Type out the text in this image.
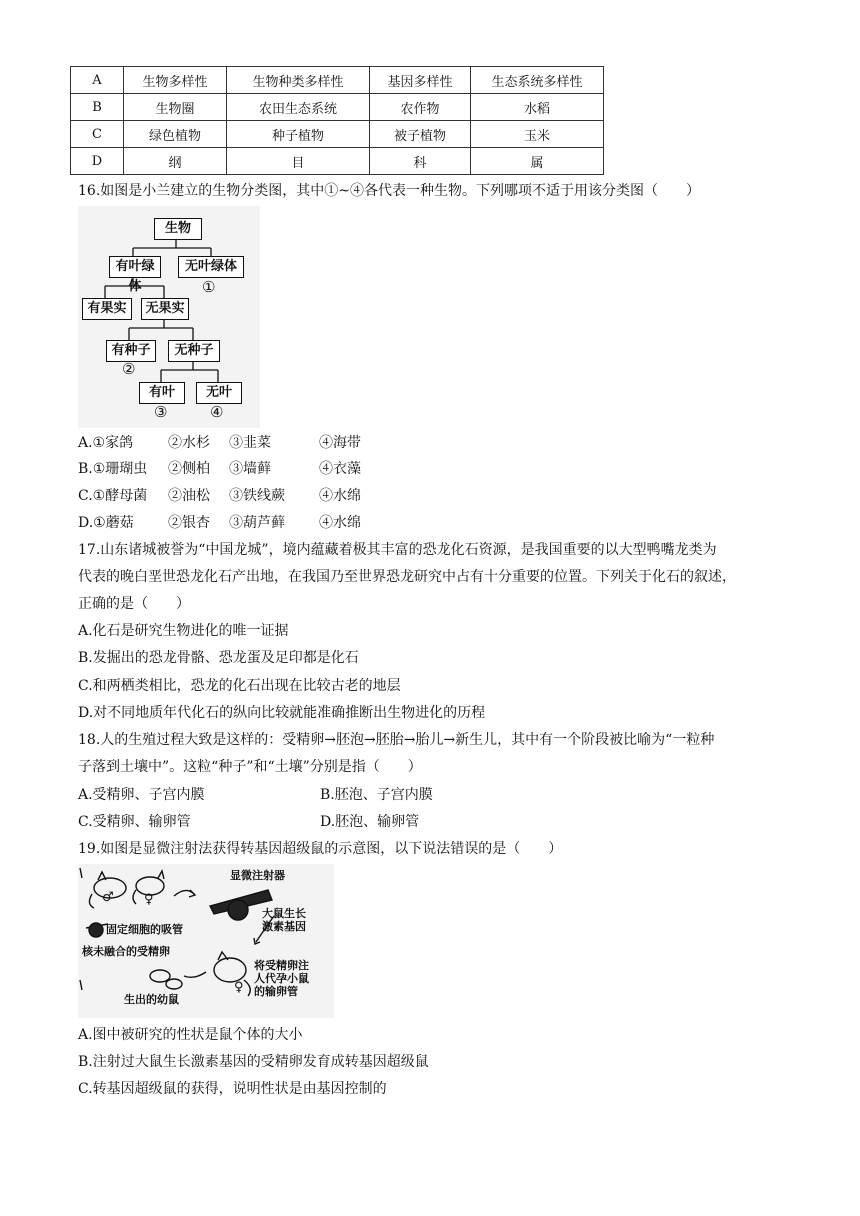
A	生物多样性	生物种类多样性	基因多样性	生态系统多样性
B	生物圈	农田生态系统	农作物	水稻
C	绿色植物	种子植物	被子植物	玉米
D	纲	目	科	属
16.如图是小兰建立的生物分类图，其中①~④各代表一种生物。下列哪项不适于用该分类图（　　）
生物
有叶绿体
无叶绿体
①
有果实	无果实
有种子
②
无种子
有叶	无叶
③	④
A.①家鸽 ②水杉 ③韭菜	④海带
B.①珊瑚虫 ②侧柏 ③墙藓	④衣藻
C.①酵母菌 ②油松 ③铁线蕨 ④水绵
D.①蘑菇 ②银杏 ③葫芦藓 ④水绵
17.山东诸城被誉为“中国龙城”，境内蕴藏着极其丰富的恐龙化石资源，是我国重要的以大型鸭嘴龙类为
代表的晚白垩世恐龙化石产出地，在我国乃至世界恐龙研究中占有十分重要的位置。下列关于化石的叙述，
正确的是（　　）
A.化石是研究生物进化的唯一证据
B.发掘出的恐龙骨骼、恐龙蛋及足印都是化石
C.和两栖类相比，恐龙的化石出现在比较古老的地层
D.对不同地质年代化石的纵向比较就能准确推断出生物进化的历程
18.人的生殖过程大致是这样的：受精卵→胚泡→胚胎→胎儿→新生儿，其中有一个阶段被比喻为“一粒种
子落到土壤中”。这粒“种子”和“土壤”分别是指（　　）
A.受精卵、子宫内膜	B.胚泡、子宫内膜
C.受精卵、输卵管	D.胚泡、输卵管
19.如图是显微注射法获得转基因超级鼠的示意图，以下说法错误的是（　　）
♂ ♀
显微注射器
大鼠生长
激素基因
固定细胞的吸管
核未融合的受精卵
将受精卵注
人代孕小鼠
的输卵管
♀
生出的幼鼠
A.图中被研究的性状是鼠个体的大小
B.注射过大鼠生长激素基因的受精卵发育成转基因超级鼠
C.转基因超级鼠的获得，说明性状是由基因控制的
